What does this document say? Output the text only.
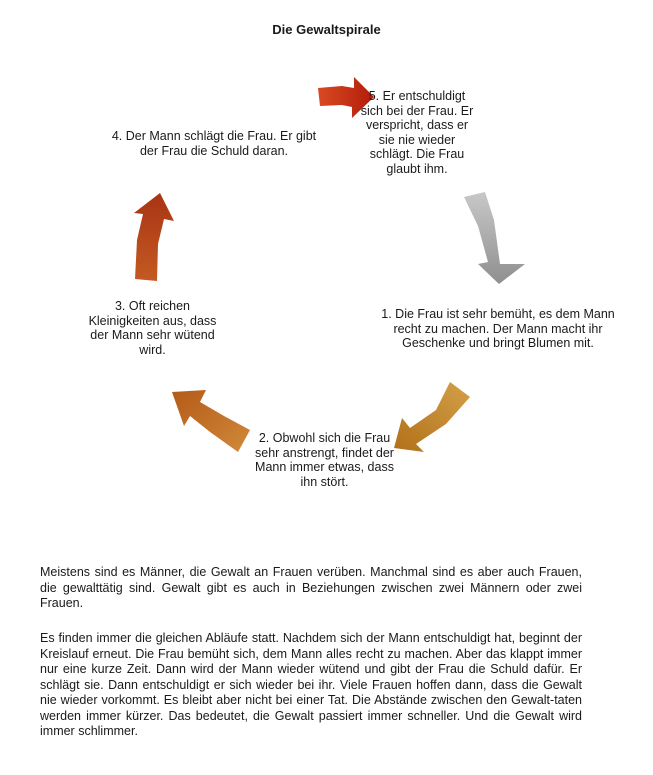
Die Gewaltspirale
5. Er entschuldigt sich bei der Frau. Er verspricht, dass er sie nie wieder schlägt. Die Frau glaubt ihm.
4. Der Mann schlägt die Frau. Er gibt der Frau die Schuld daran.
1. Die Frau ist sehr bemüht, es dem Mann recht zu machen. Der Mann macht ihr Geschenke und bringt Blumen mit.
2. Obwohl sich die Frau sehr anstrengt, findet der Mann immer etwas, dass ihn stört.
3. Oft reichen Kleinigkeiten aus, dass der Mann sehr wütend wird.

Meistens sind es Männer, die Gewalt an Frauen verüben. Manchmal sind es aber auch Frauen, die gewalttätig sind. Gewalt gibt es auch in Beziehungen zwischen zwei Männern oder zwei Frauen.

Es finden immer die gleichen Abläufe statt. Nachdem sich der Mann entschuldigt hat, beginnt der Kreislauf erneut. Die Frau bemüht sich, dem Mann alles recht zu machen. Aber das klappt immer nur eine kurze Zeit. Dann wird der Mann wieder wütend und gibt der Frau die Schuld dafür. Er schlägt sie. Dann entschuldigt er sich wieder bei ihr. Viele Frauen hoffen dann, dass die Gewalt nie wieder vorkommt. Es bleibt aber nicht bei einer Tat. Die Abstände zwischen den Gewalt-taten werden immer kürzer. Das bedeutet, die Gewalt passiert immer schneller. Und die Gewalt wird immer schlimmer.
